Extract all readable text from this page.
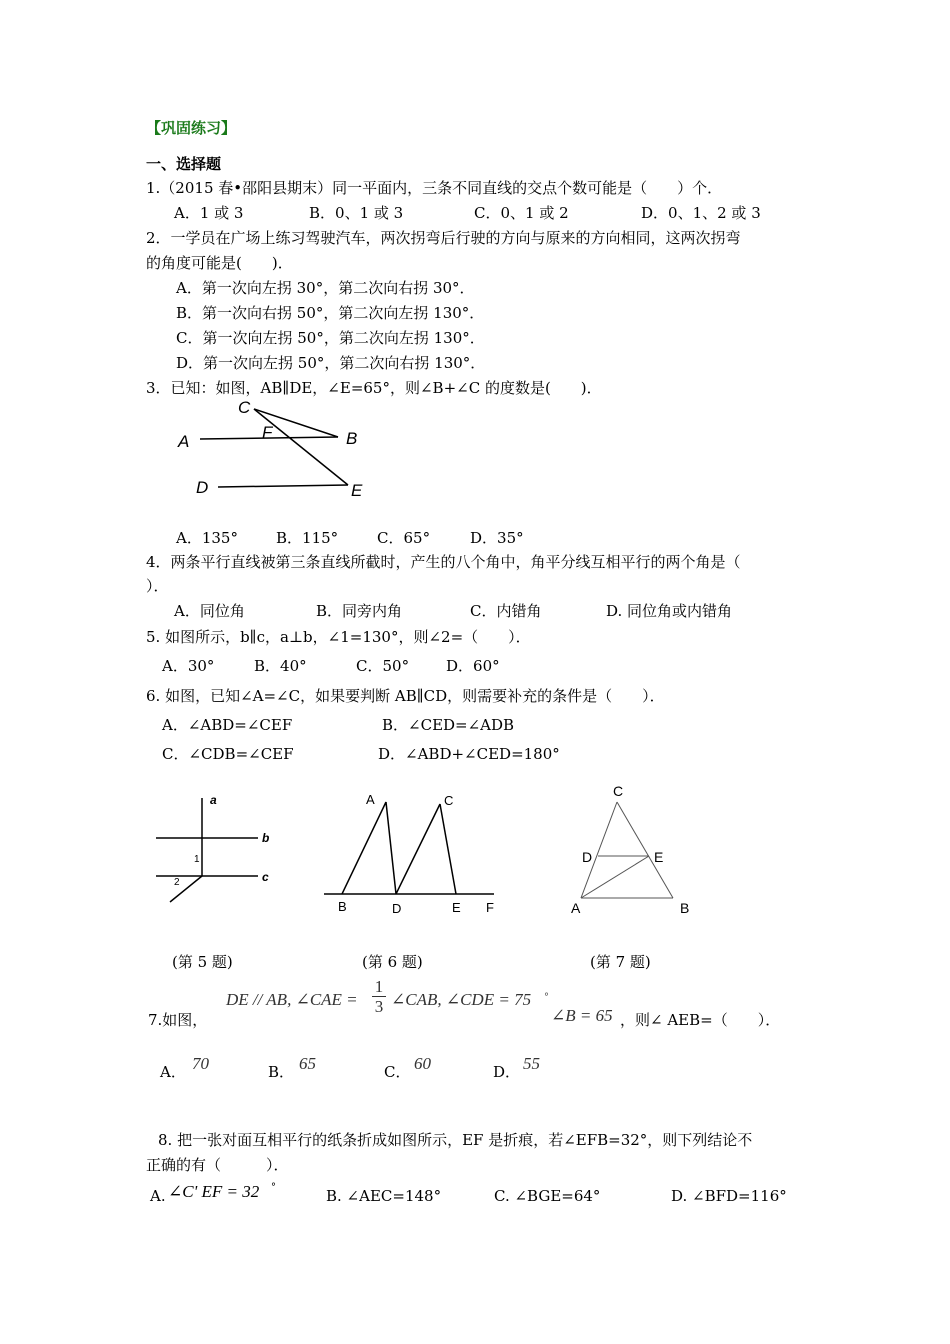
【巩固练习】
一、选择题
1.（2015 春•邵阳县期末）同一平面内，三条不同直线的交点个数可能是（　　）个．
A．1 或 3	B．0、1 或 3	C．0、1 或 2	D．0、1、2 或 3
2．一学员在广场上练习驾驶汽车，两次拐弯后行驶的方向与原来的方向相同，这两次拐弯
的角度可能是(　　)．
A．第一次向左拐 30°，第二次向右拐 30°．
B．第一次向右拐 50°，第二次向左拐 130°．
C．第一次向左拐 50°，第二次向左拐 130°．
D．第一次向左拐 50°，第二次向右拐 130°．
3．已知：如图，AB∥DE，∠E=65°，则∠B+∠C 的度数是(　　)．
C
F
A	B
D	E
A．135°	B．115°	C．65°	D．35°
4．两条平行直线被第三条直线所截时，产生的八个角中，角平分线互相平行的两个角是（
）．
A．同位角	B．同旁内角	C．内错角	D. 同位角或内错角
5. 如图所示，b∥c，a⊥b，∠1=130°，则∠2=（　　）．
A．30°	B．40°	C．50° D．60°
6. 如图，已知∠A=∠C，如果要判断 AB∥CD，则需要补充的条件是（　　）．
A．∠ABD=∠CEF	B．∠CED=∠ADB
C．∠CDB=∠CEF	D．∠ABD+∠CED=180°
a
b
c
1
2
A	C
B	D	E F
C
D	E
A	B
(第 5 题)	(第 6 题)	(第 7 题)
DE // AB, ∠CAE = $\frac{1}{3}$ ∠CAB, ∠CDE = 75 °
7.如图，	∠B = 65 ，则∠ AEB=（　　）．
A． 70	B． 65	C． 60	D． 55
8. 把一张对面互相平行的纸条折成如图所示，EF 是折痕，若∠EFB=32°，则下列结论不
正确的有（　　　）．
A. ∠C' EF = 32 °	B. ∠AEC=148°	C. ∠BGE=64°	D. ∠BFD=116°
